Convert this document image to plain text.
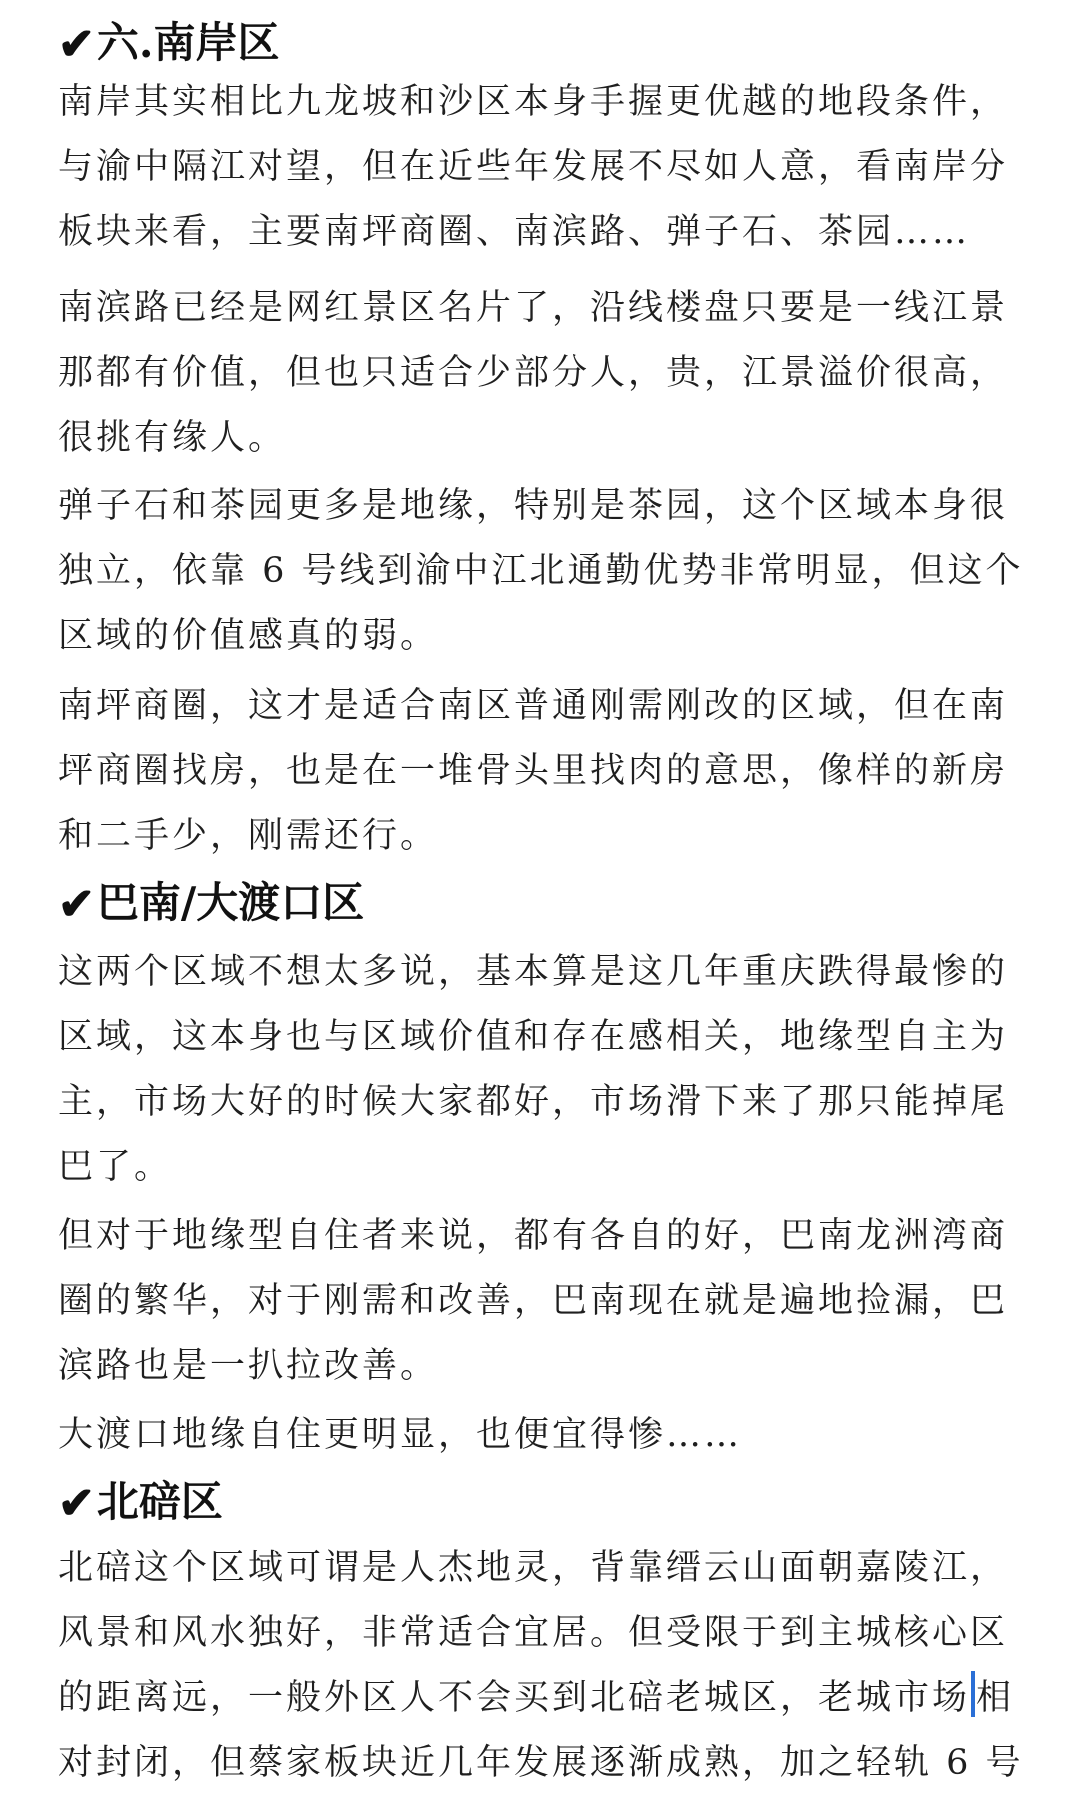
✔六.南岸区
南岸其实相比九龙坡和沙区本身手握更优越的地段条件，
与渝中隔江对望，但在近些年发展不尽如人意，看南岸分
板块来看，主要南坪商圈、南滨路、弹子石、茶园……
南滨路已经是网红景区名片了，沿线楼盘只要是一线江景
那都有价值，但也只适合少部分人，贵，江景溢价很高，
很挑有缘人。
弹子石和茶园更多是地缘，特别是茶园，这个区域本身很
独立，依靠 6 号线到渝中江北通勤优势非常明显，但这个
区域的价值感真的弱。
南坪商圈，这才是适合南区普通刚需刚改的区域，但在南
坪商圈找房，也是在一堆骨头里找肉的意思，像样的新房
和二手少，刚需还行。
✔巴南/大渡口区
这两个区域不想太多说，基本算是这几年重庆跌得最惨的
区域，这本身也与区域价值和存在感相关，地缘型自主为
主，市场大好的时候大家都好，市场滑下来了那只能掉尾
巴了。
但对于地缘型自住者来说，都有各自的好，巴南龙洲湾商
圈的繁华，对于刚需和改善，巴南现在就是遍地捡漏，巴
滨路也是一扒拉改善。
大渡口地缘自住更明显，也便宜得惨……
✔北碚区
北碚这个区域可谓是人杰地灵，背靠缙云山面朝嘉陵江，
风景和风水独好，非常适合宜居。但受限于到主城核心区
的距离远，一般外区人不会买到北碚老城区，老城市场 相
对封闭，但蔡家板块近几年发展逐渐成熟，加之轻轨 6 号
